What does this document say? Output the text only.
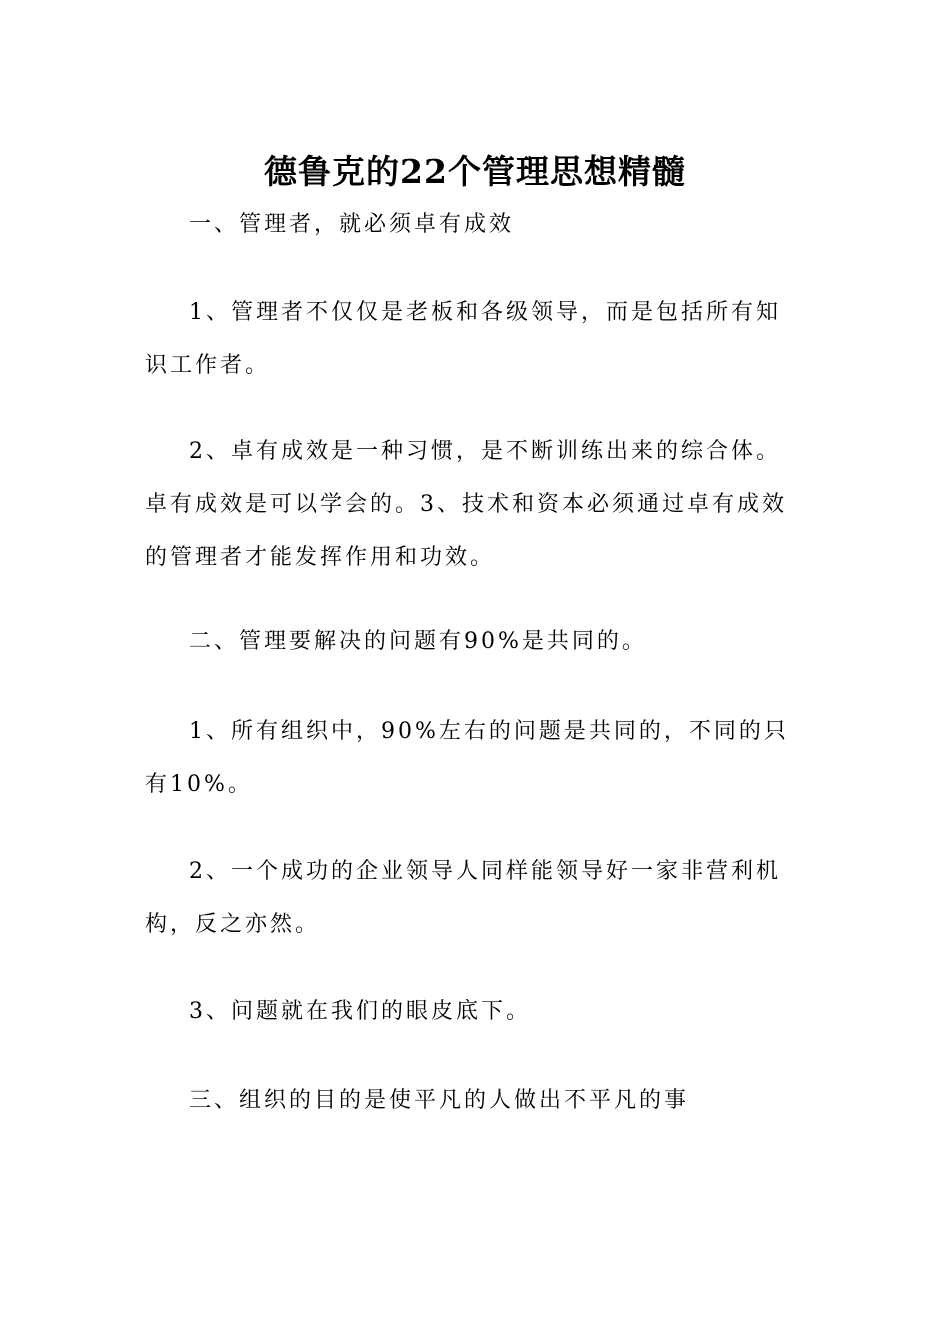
德鲁克的22个管理思想精髓

一、管理者，就必须卓有成效

1、管理者不仅仅是老板和各级领导，而是包括所有知识工作者。

2、卓有成效是一种习惯，是不断训练出来的综合体。卓有成效是可以学会的。3、技术和资本必须通过卓有成效的管理者才能发挥作用和功效。

二、管理要解决的问题有90%是共同的。

1、所有组织中，90%左右的问题是共同的，不同的只有10%。

2、一个成功的企业领导人同样能领导好一家非营利机构，反之亦然。

3、问题就在我们的眼皮底下。

三、组织的目的是使平凡的人做出不平凡的事
